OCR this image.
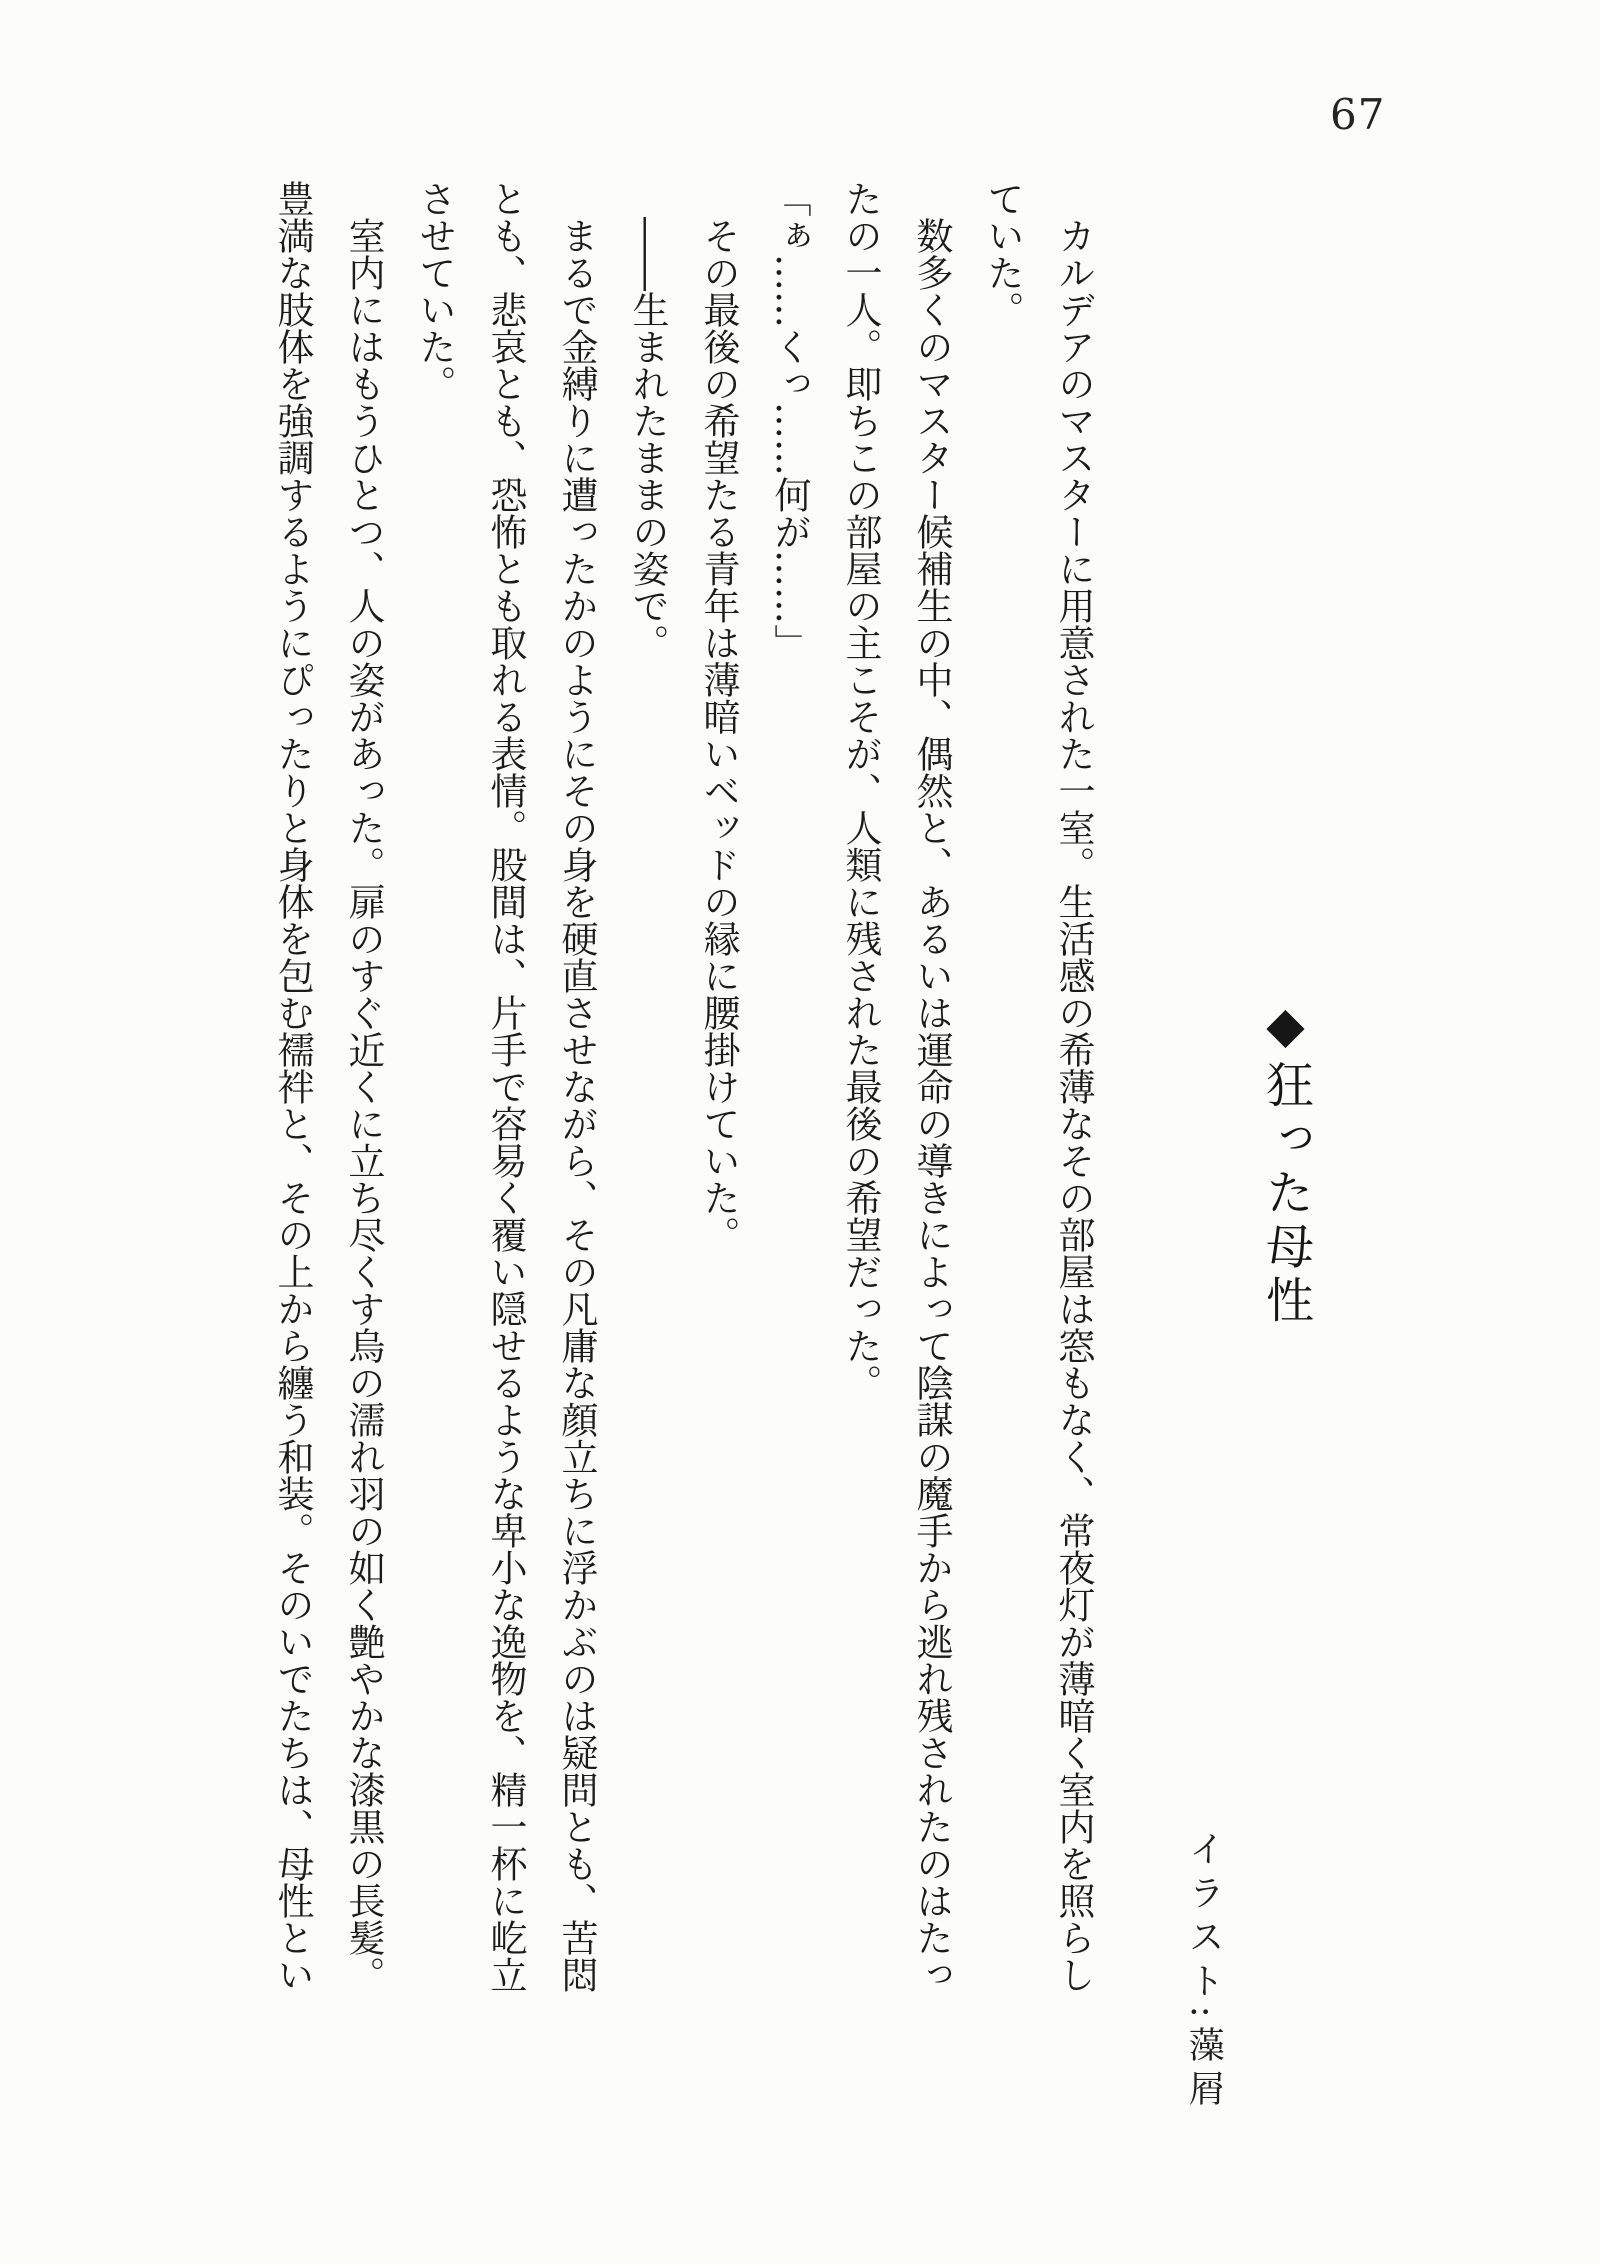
67
◆狂った母性
イラスト:藻屑

　カルデアのマスターに用意された一室。生活感の希薄なその部屋は窓もなく、常夜灯が薄暗く室内を照らしていた。

　数多くのマスター候補生の中、偶然と、あるいは運命の導きによって陰謀の魔手から逃れ残されたのはたったの一人。即ちこの部屋の主こそが、人類に残された最後の希望だった。

「ぁ……くっ……何が……」

　その最後の希望たる青年は薄暗いベッドの縁に腰掛けていた。

　――生まれたままの姿で。

　まるで金縛りに遭ったかのようにその身を硬直させながら、その凡庸な顔立ちに浮かぶのは疑問とも、苦悶とも、悲哀とも、恐怖とも取れる表情。股間は、片手で容易く覆い隠せるような卑小な逸物を、精一杯に屹立させていた。

　室内にはもうひとつ、人の姿があった。扉のすぐ近くに立ち尽くす烏の濡れ羽の如く艶やかな漆黒の長髪。豊満な肢体を強調するようにぴったりと身体を包む襦袢と、その上から纏う和装。そのいでたちは、母性とい
